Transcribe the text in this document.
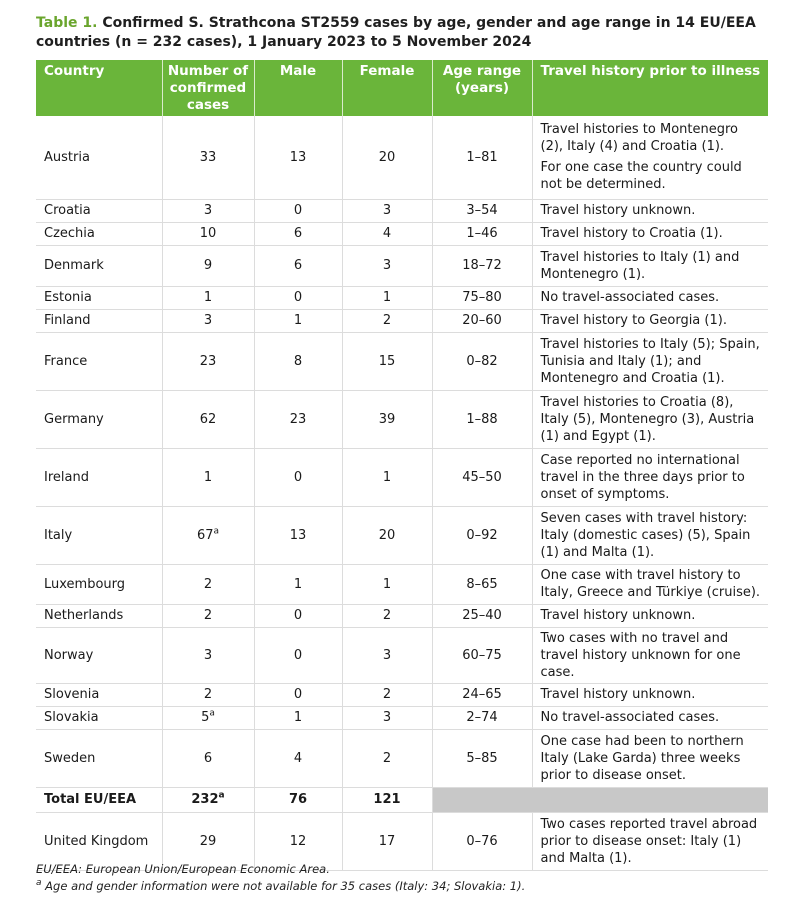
Table 1. Confirmed S. Strathcona ST2559 cases by age, gender and age range in 14 EU/EEA countries (n = 232 cases), 1 January 2023 to 5 November 2024
Country	Number of confirmed cases	Male	Female	Age range (years)	Travel history prior to illness
Austria	33	13	20	1–81	Travel histories to Montenegro (2), Italy (4) and Croatia (1).
For one case the country could not be determined.

Croatia	3	0	3	3–54	Travel history unknown.

Czechia	10	6	4	1–46	Travel history to Croatia (1).

Denmark	9	6	3	18–72	Travel histories to Italy (1) and Montenegro (1).

Estonia	1	0	1	75–80	No travel-associated cases.

Finland	3	1	2	20–60	Travel history to Georgia (1).

France	23	8	15	0–82	Travel histories to Italy (5); Spain, Tunisia and Italy (1); and Montenegro and Croatia (1).

Germany	62	23	39	1–88	Travel histories to Croatia (8), Italy (5), Montenegro (3), Austria (1) and Egypt (1).

Ireland	1	0	1	45–50	Case reported no international travel in the three days prior to onset of symptoms.

Italy	67$^a$	13	20	0–92	Seven cases with travel history: Italy (domestic cases) (5), Spain (1) and Malta (1).

Luxembourg	2	1	1	8–65	One case with travel history to Italy, Greece and Türkiye (cruise).

Netherlands	2	0	2	25–40	Travel history unknown.

Norway	3	0	3	60–75	Two cases with no travel and travel history unknown for one case.

Slovenia	2	0	2	24–65	Travel history unknown.

Slovakia	5$^a$	1	3	2–74	No travel-associated cases.

Sweden	6	4	2	5–85	One case had been to northern Italy (Lake Garda) three weeks prior to disease onset.

Total EU/EEA	232$^a$	76	121		
United Kingdom	29	12	17	0–76	Two cases reported travel abroad prior to disease onset: Italy (1) and Malta (1).
EU/EEA: European Union/European Economic Area.
$^a$ Age and gender information were not available for 35 cases (Italy: 34; Slovakia: 1).
